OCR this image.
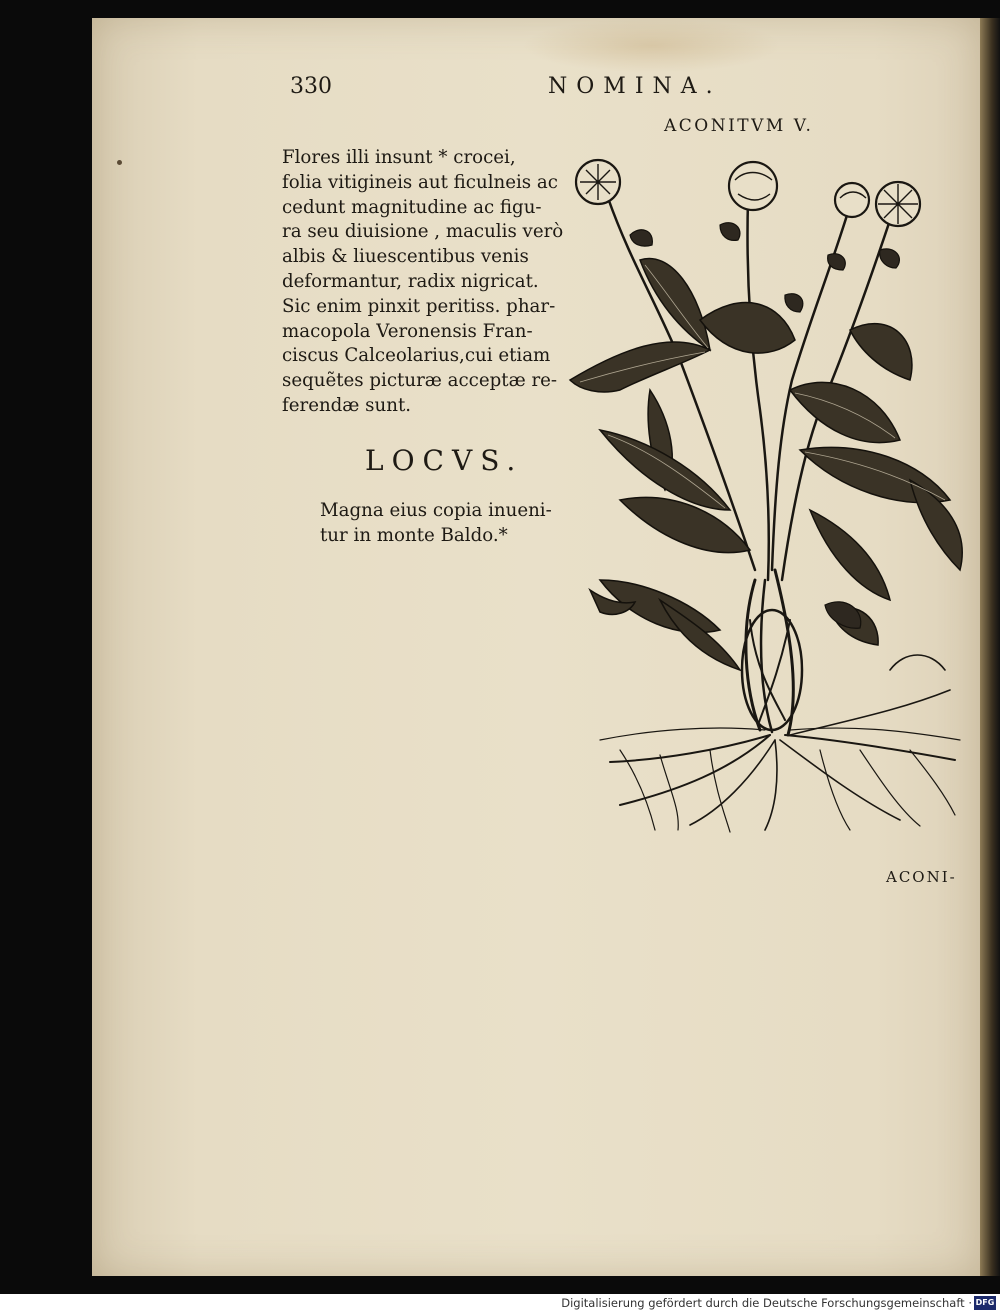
330	NOMINA.
ACONITVM V.

Flores illi insunt * crocei,
folia vitigineis aut ficulneis ac
cedunt magnitudine ac figu-
ra seu diuisione , maculis verò
albis & liuescentibus venis
deformantur, radix nigricat.
Sic enim pinxit peritiss. phar-
macopola Veronensis Fran-
ciscus Calceolarius,cui etiam
sequẽtes picturæ acceptæ re-
ferendæ sunt.

LOCVS.

Magna eius copia inueni-
tur in monte Baldo.*

ACONI-
Digitalisierung gefördert durch die Deutsche Forschungsgemeinschaft · DFG
